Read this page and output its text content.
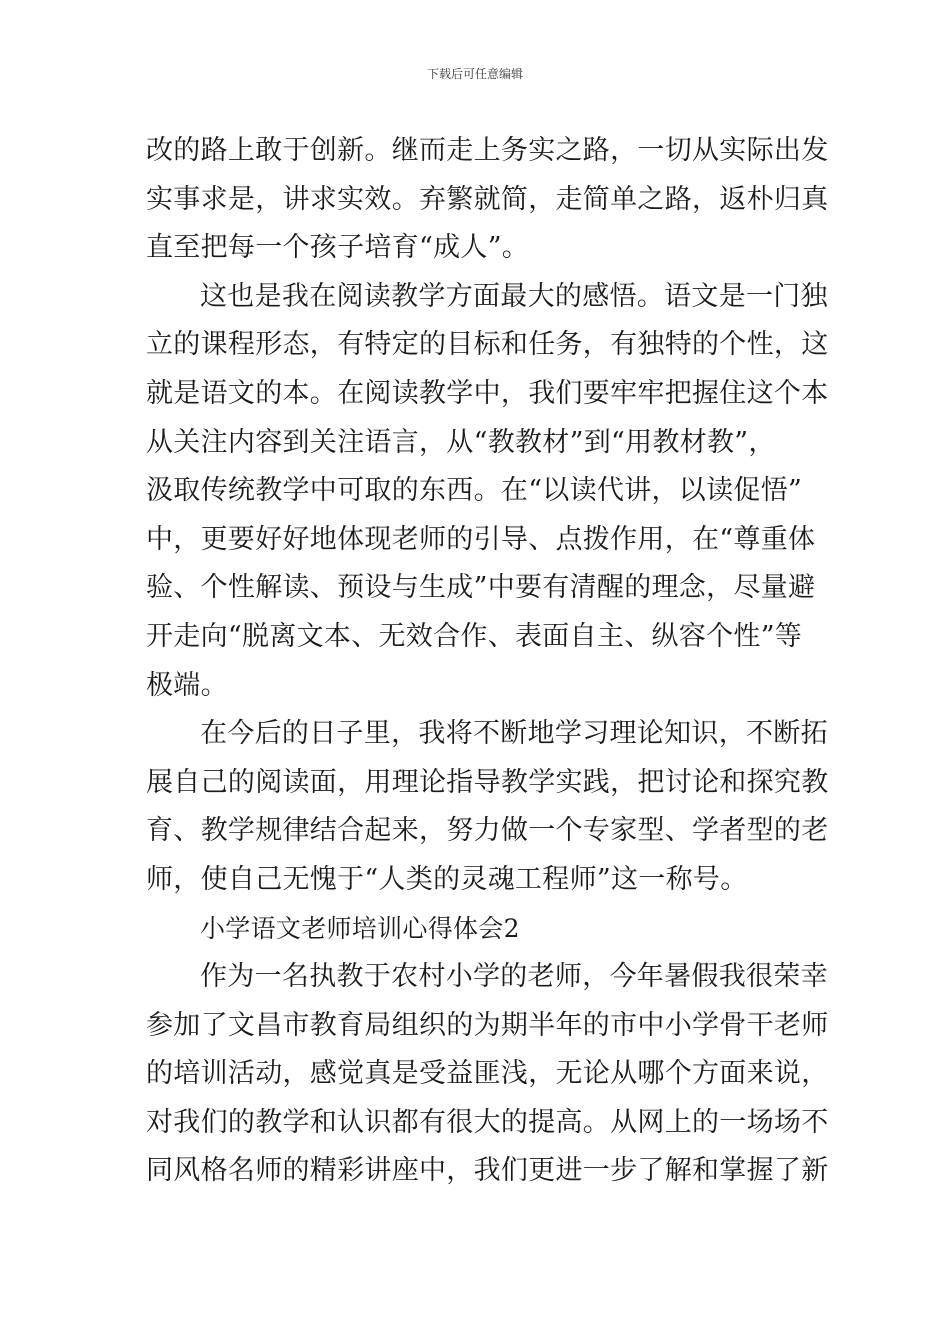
下载后可任意编辑
改的路上敢于创新。继而走上务实之路，一切从实际出发
实事求是，讲求实效。弃繁就简，走简单之路，返朴归真
直至把每一个孩子培育“成人”。
这也是我在阅读教学方面最大的感悟。语文是一门独
立的课程形态，有特定的目标和任务，有独特的个性，这
就是语文的本。在阅读教学中，我们要牢牢把握住这个本
从关注内容到关注语言，从“教教材”到“用教材教”，
汲取传统教学中可取的东西。在“以读代讲，以读促悟”
中，更要好好地体现老师的引导、点拨作用，在“尊重体
验、个性解读、预设与生成”中要有清醒的理念，尽量避
开走向“脱离文本、无效合作、表面自主、纵容个性”等
极端。
在今后的日子里，我将不断地学习理论知识，不断拓
展自己的阅读面，用理论指导教学实践，把讨论和探究教
育、教学规律结合起来，努力做一个专家型、学者型的老
师，使自己无愧于“人类的灵魂工程师”这一称号。
小学语文老师培训心得体会2
作为一名执教于农村小学的老师，今年暑假我很荣幸
参加了文昌市教育局组织的为期半年的市中小学骨干老师
的培训活动，感觉真是受益匪浅，无论从哪个方面来说，
对我们的教学和认识都有很大的提高。从网上的一场场不
同风格名师的精彩讲座中，我们更进一步了解和掌握了新
